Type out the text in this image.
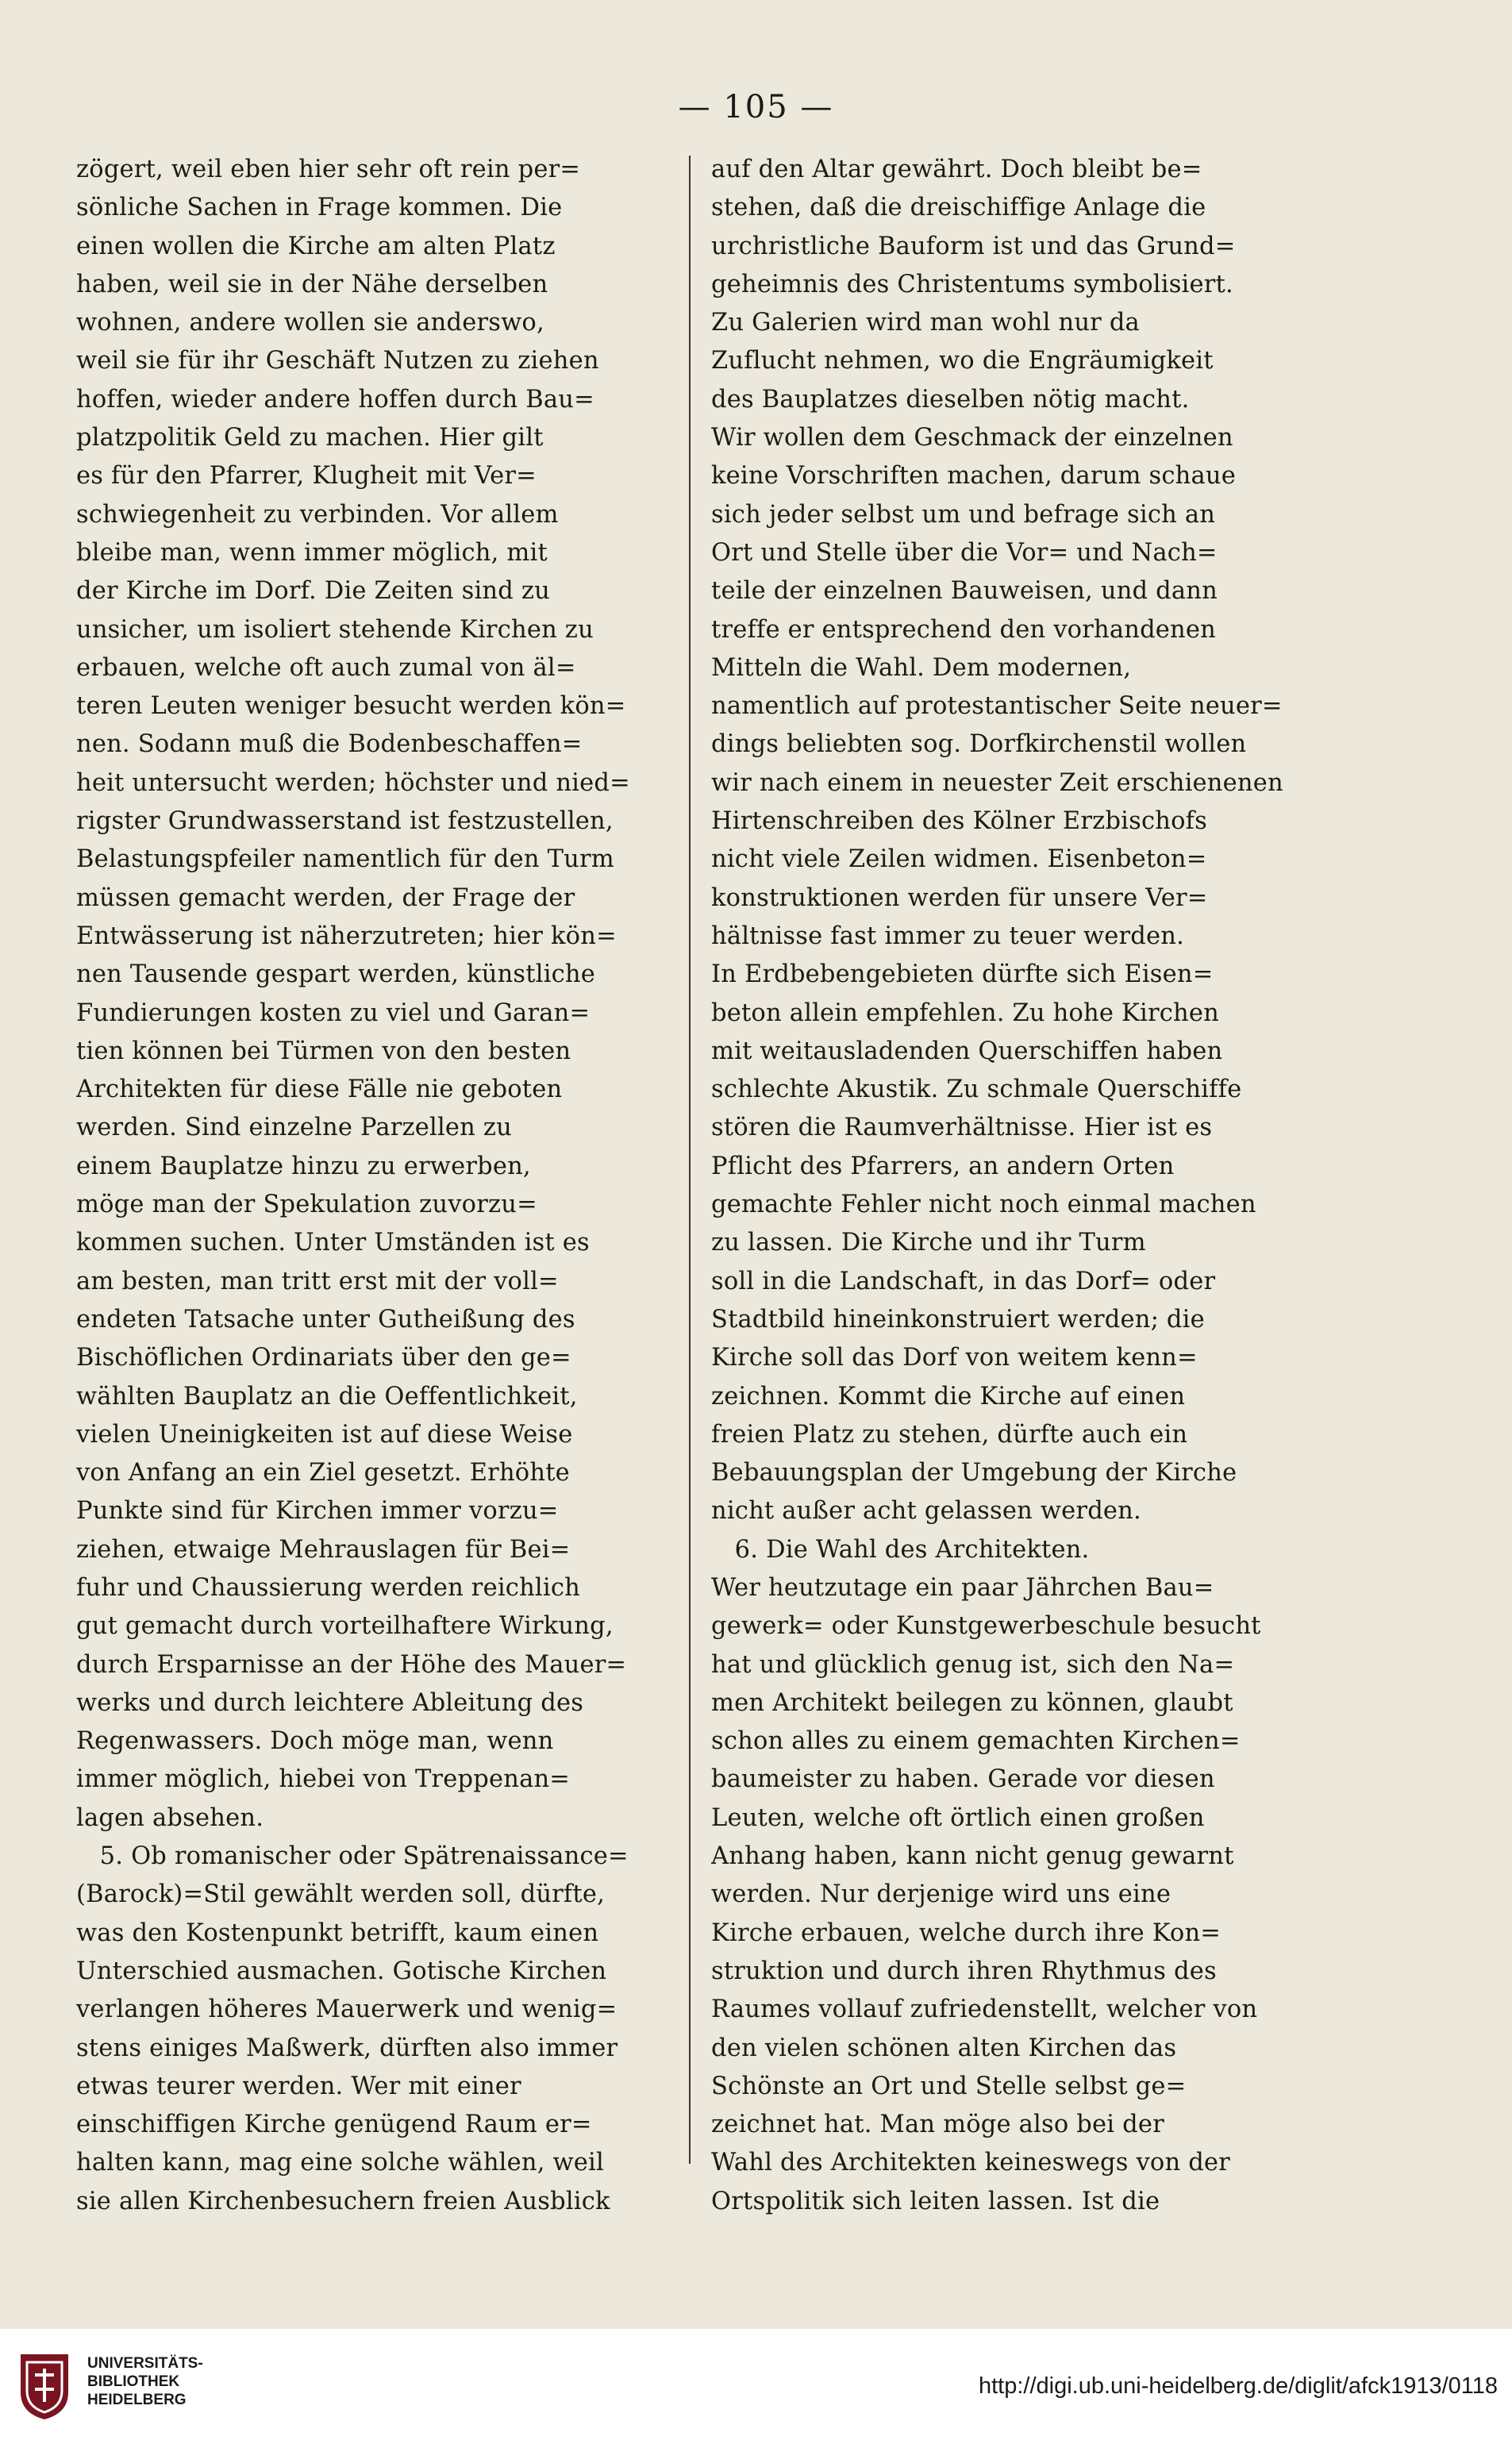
— 105 —
zögert, weil eben hier sehr oft rein per=
sönliche Sachen in Frage kommen. Die
einen wollen die Kirche am alten Platz
haben, weil sie in der Nähe derselben
wohnen, andere wollen sie anderswo,
weil sie für ihr Geschäft Nutzen zu ziehen
hoffen, wieder andere hoffen durch Bau=
platzpolitik Geld zu machen. Hier gilt
es für den Pfarrer, Klugheit mit Ver=
schwiegenheit zu verbinden. Vor allem
bleibe man, wenn immer möglich, mit
der Kirche im Dorf. Die Zeiten sind zu
unsicher, um isoliert stehende Kirchen zu
erbauen, welche oft auch zumal von äl=
teren Leuten weniger besucht werden kön=
nen. Sodann muß die Bodenbeschaffen=
heit untersucht werden; höchster und nied=
rigster Grundwasserstand ist festzustellen,
Belastungspfeiler namentlich für den Turm
müssen gemacht werden, der Frage der
Entwässerung ist näherzutreten; hier kön=
nen Tausende gespart werden, künstliche
Fundierungen kosten zu viel und Garan=
tien können bei Türmen von den besten
Architekten für diese Fälle nie geboten
werden. Sind einzelne Parzellen zu
einem Bauplatze hinzu zu erwerben,
möge man der Spekulation zuvorzu=
kommen suchen. Unter Umständen ist es
am besten, man tritt erst mit der voll=
endeten Tatsache unter Gutheißung des
Bischöflichen Ordinariats über den ge=
wählten Bauplatz an die Oeffentlichkeit,
vielen Uneinigkeiten ist auf diese Weise
von Anfang an ein Ziel gesetzt. Erhöhte
Punkte sind für Kirchen immer vorzu=
ziehen, etwaige Mehrauslagen für Bei=
fuhr und Chaussierung werden reichlich
gut gemacht durch vorteilhaftere Wirkung,
durch Ersparnisse an der Höhe des Mauer=
werks und durch leichtere Ableitung des
Regenwassers. Doch möge man, wenn
immer möglich, hiebei von Treppenan=
lagen absehen.
5. Ob romanischer oder Spätrenaissance=
(Barock)=Stil gewählt werden soll, dürfte,
was den Kostenpunkt betrifft, kaum einen
Unterschied ausmachen. Gotische Kirchen
verlangen höheres Mauerwerk und wenig=
stens einiges Maßwerk, dürften also immer
etwas teurer werden. Wer mit einer
einschiffigen Kirche genügend Raum er=
halten kann, mag eine solche wählen, weil
sie allen Kirchenbesuchern freien Ausblick
auf den Altar gewährt. Doch bleibt be=
stehen, daß die dreischiffige Anlage die
urchristliche Bauform ist und das Grund=
geheimnis des Christentums symbolisiert.
Zu Galerien wird man wohl nur da
Zuflucht nehmen, wo die Engräumigkeit
des Bauplatzes dieselben nötig macht.
Wir wollen dem Geschmack der einzelnen
keine Vorschriften machen, darum schaue
sich jeder selbst um und befrage sich an
Ort und Stelle über die Vor= und Nach=
teile der einzelnen Bauweisen, und dann
treffe er entsprechend den vorhandenen
Mitteln die Wahl. Dem modernen,
namentlich auf protestantischer Seite neuer=
dings beliebten sog. Dorfkirchenstil wollen
wir nach einem in neuester Zeit erschienenen
Hirtenschreiben des Kölner Erzbischofs
nicht viele Zeilen widmen. Eisenbeton=
konstruktionen werden für unsere Ver=
hältnisse fast immer zu teuer werden.
In Erdbebengebieten dürfte sich Eisen=
beton allein empfehlen. Zu hohe Kirchen
mit weitausladenden Querschiffen haben
schlechte Akustik. Zu schmale Querschiffe
stören die Raumverhältnisse. Hier ist es
Pflicht des Pfarrers, an andern Orten
gemachte Fehler nicht noch einmal machen
zu lassen. Die Kirche und ihr Turm
soll in die Landschaft, in das Dorf= oder
Stadtbild hineinkonstruiert werden; die
Kirche soll das Dorf von weitem kenn=
zeichnen. Kommt die Kirche auf einen
freien Platz zu stehen, dürfte auch ein
Bebauungsplan der Umgebung der Kirche
nicht außer acht gelassen werden.
6. Die Wahl des Architekten.
Wer heutzutage ein paar Jährchen Bau=
gewerk= oder Kunstgewerbeschule besucht
hat und glücklich genug ist, sich den Na=
men Architekt beilegen zu können, glaubt
schon alles zu einem gemachten Kirchen=
baumeister zu haben. Gerade vor diesen
Leuten, welche oft örtlich einen großen
Anhang haben, kann nicht genug gewarnt
werden. Nur derjenige wird uns eine
Kirche erbauen, welche durch ihre Kon=
struktion und durch ihren Rhythmus des
Raumes vollauf zufriedenstellt, welcher von
den vielen schönen alten Kirchen das
Schönste an Ort und Stelle selbst ge=
zeichnet hat. Man möge also bei der
Wahl des Architekten keineswegs von der
Ortspolitik sich leiten lassen. Ist die
UNIVERSITÄTS-
BIBLIOTHEK
HEIDELBERG
http://digi.ub.uni-heidelberg.de/diglit/afck1913/0118
